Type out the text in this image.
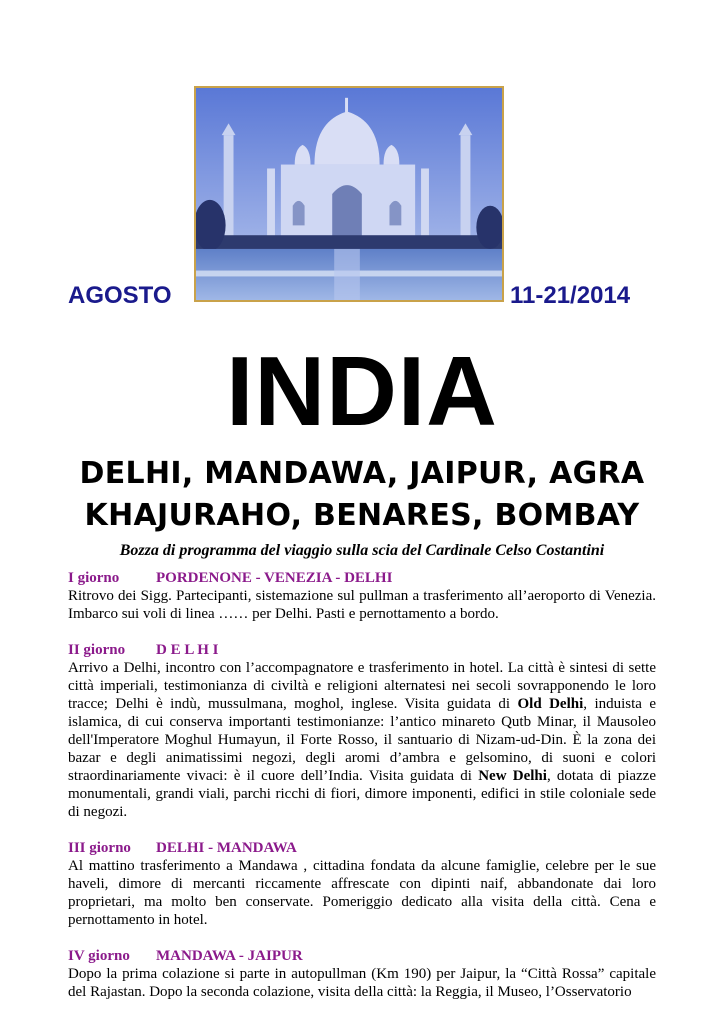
AGOSTO	11-21/2014
INDIA
DELHI, MANDAWA, JAIPUR, AGRA
KHAJURAHO, BENARES, BOMBAY
Bozza di programma del viaggio sulla scia del Cardinale Celso Costantini
I giorno PORDENONE - VENEZIA - DELHI
Ritrovo dei Sigg. Partecipanti, sistemazione sul pullman a trasferimento all’aeroporto di Venezia. Imbarco sui voli di linea …… per Delhi. Pasti e pernottamento a bordo.
II giorno D E L H I
Arrivo a Delhi, incontro con l’accompagnatore e trasferimento in hotel. La città è sintesi di sette città imperiali, testimonianza di civiltà e religioni alternatesi nei secoli sovrapponendo le loro tracce; Delhi è indù, mussulmana, moghol, inglese. Visita guidata di Old Delhi, induista e islamica, di cui conserva importanti testimonianze: l’antico minareto Qutb Minar, il Mausoleo dell'Imperatore Moghul Humayun, il Forte Rosso, il santuario di Nizam-ud-Din. È la zona dei bazar e degli animatissimi negozi, degli aromi d’ambra e gelsomino, di suoni e colori straordinariamente vivaci: è il cuore dell’India. Visita guidata di New Delhi, dotata di piazze monumentali, grandi viali, parchi ricchi di fiori, dimore imponenti, edifici in stile coloniale sede di negozi.
III giorno DELHI - MANDAWA
Al mattino trasferimento a Mandawa , cittadina fondata da alcune famiglie, celebre per le sue haveli, dimore di mercanti riccamente affrescate con dipinti naif, abbandonate dai loro proprietari, ma molto ben conservate. Pomeriggio dedicato alla visita della città. Cena e pernottamento in hotel.
IV giorno MANDAWA - JAIPUR
Dopo la prima colazione si parte in autopullman (Km 190) per Jaipur, la “Città Rossa” capitale del Rajastan. Dopo la seconda colazione, visita della città: la Reggia, il Museo, l’Osservatorio
